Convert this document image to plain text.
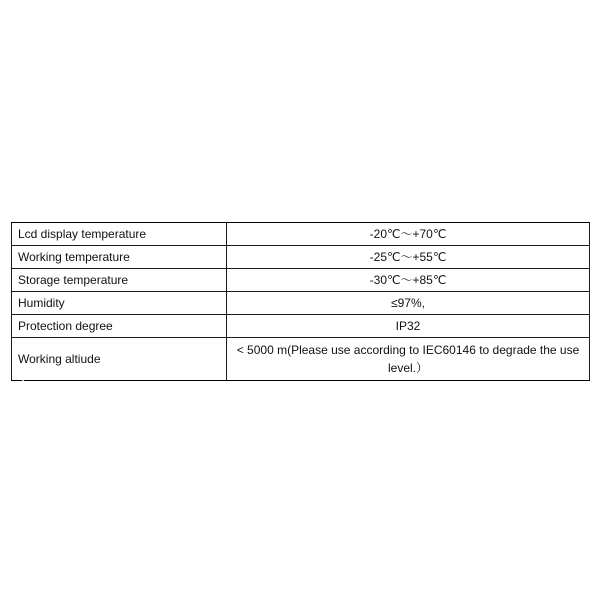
Lcd display temperature	-20℃～+70℃
Working temperature	-25℃～+55℃
Storage temperature	-30℃～+85℃
Humidity	≤97%,
Protection degree	IP32
Working altiude	< 5000 m(Please use according to IEC60146 to degrade the use level.）
